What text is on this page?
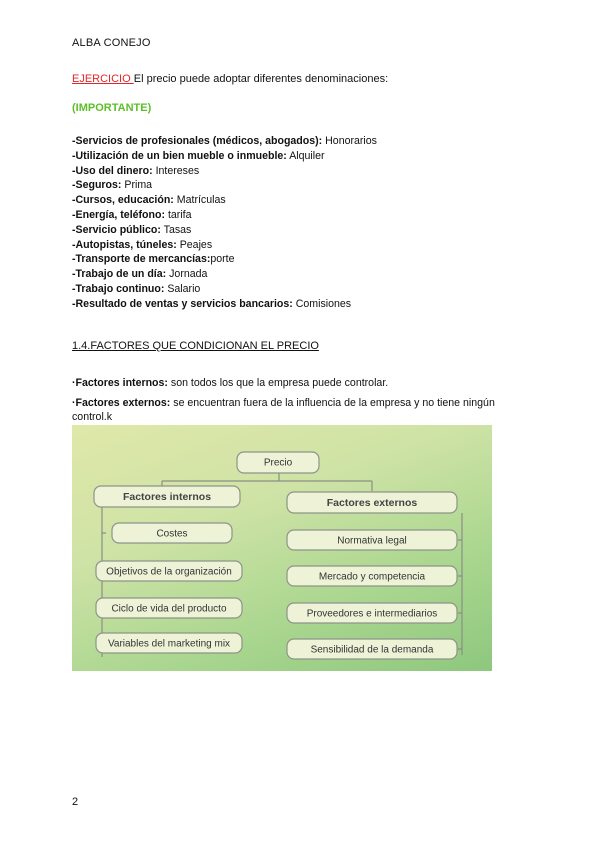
ALBA CONEJO
EJERCICIO El precio puede adoptar diferentes denominaciones:
(IMPORTANTE)
-Servicios de profesionales (médicos, abogados): Honorarios
-Utilización de un bien mueble o inmueble: Alquiler
-Uso del dinero: Intereses
-Seguros: Prima
-Cursos, educación: Matrículas
-Energía, teléfono: tarifa
-Servicio público: Tasas
-Autopistas, túneles: Peajes
-Transporte de mercancías:porte
-Trabajo de un día: Jornada
-Trabajo continuo: Salario
-Resultado de ventas y servicios bancarios: Comisiones
1.4.FACTORES QUE CONDICIONAN EL PRECIO
·Factores internos: son todos los que la empresa puede controlar.
·Factores externos: se encuentran fuera de la influencia de la empresa y no tiene ningún control.k
Precio
Factores internos	Factores externos
Costes
Objetivos de la organización
Ciclo de vida del producto
Variables del marketing mix
Normativa legal
Mercado y competencia
Proveedores e intermediarios
Sensibilidad de la demanda
2
